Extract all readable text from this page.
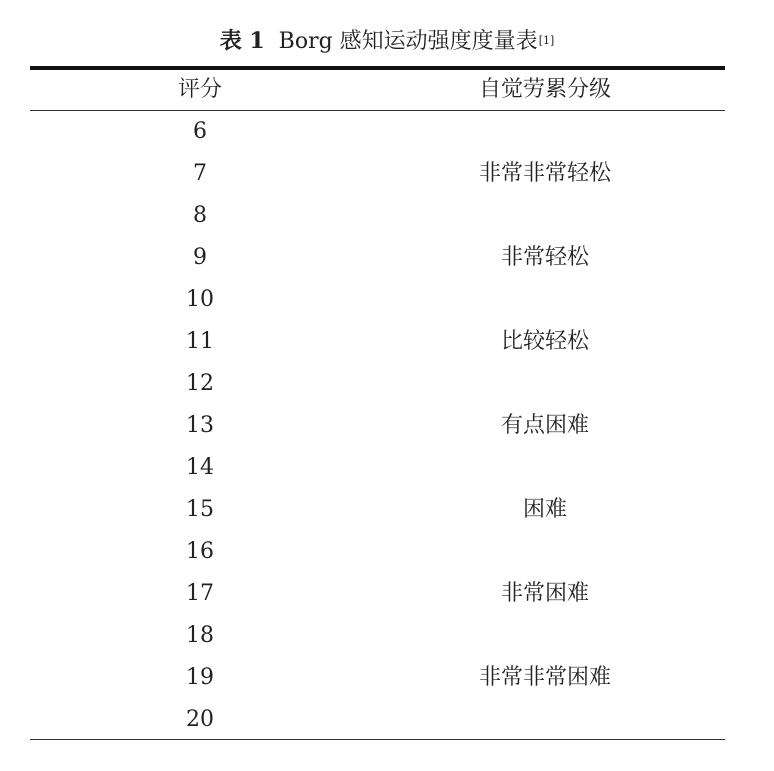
表 1 Borg 感知运动强度度量表[1]
评分	自觉劳累分级
6
7	非常非常轻松
8
9	非常轻松
10
11	比较轻松
12
13	有点困难
14
15	困难
16
17	非常困难
18
19	非常非常困难
20
